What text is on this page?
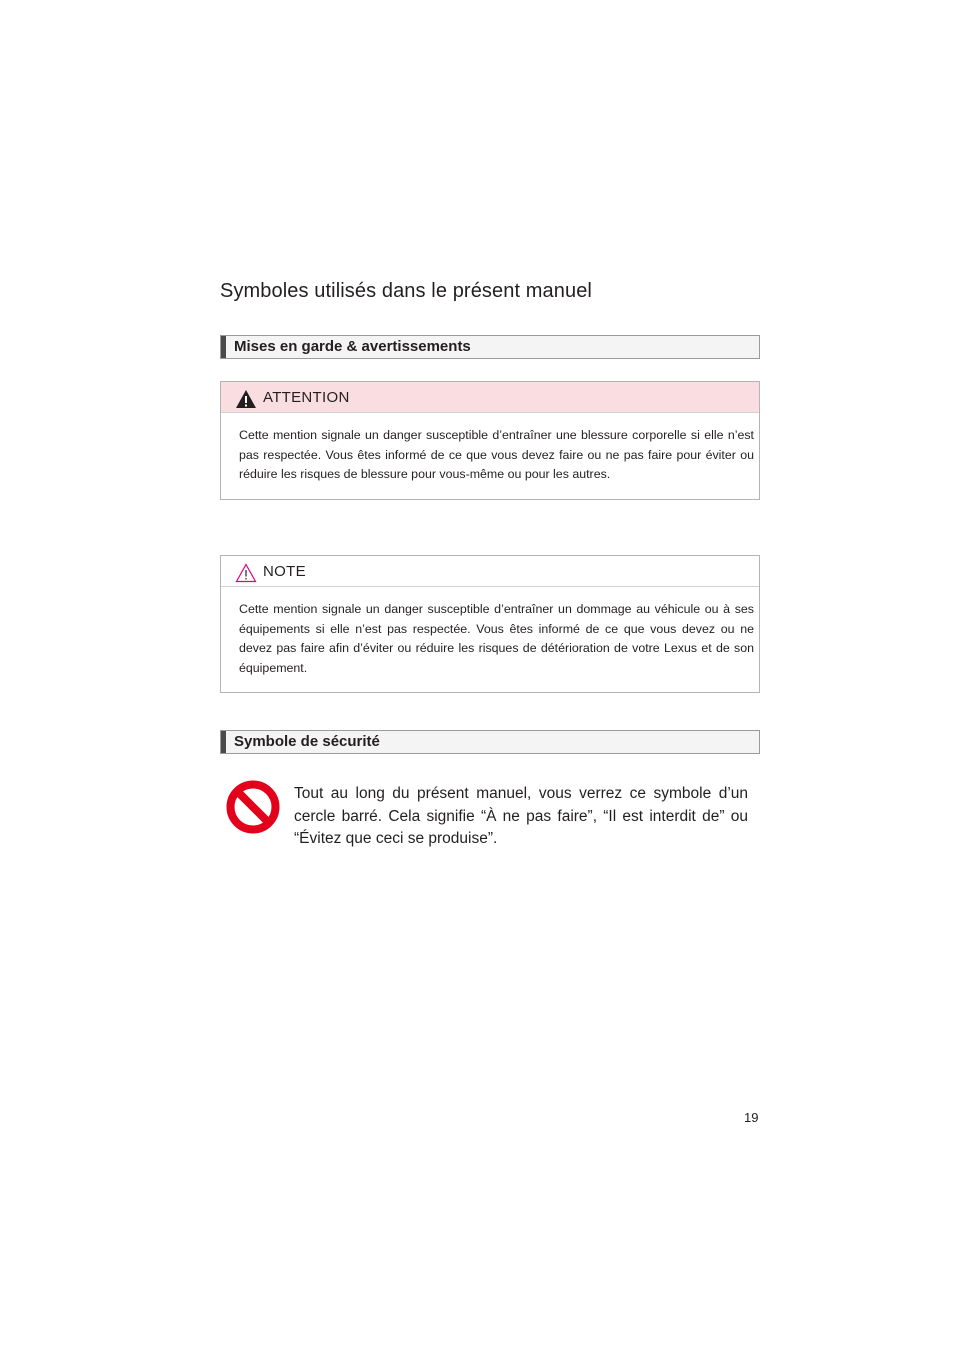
Symboles utilisés dans le présent manuel
Mises en garde & avertissements
ATTENTION
Cette mention signale un danger susceptible d’entraîner une blessure corporelle si elle n’est pas respectée. Vous êtes informé de ce que vous devez faire ou ne pas faire pour éviter ou réduire les risques de blessure pour vous-même ou pour les autres.
NOTE
Cette mention signale un danger susceptible d’entraîner un dommage au véhicule ou à ses équipements si elle n’est pas respectée. Vous êtes informé de ce que vous devez ou ne devez pas faire afin d’éviter ou réduire les risques de détérioration de votre Lexus et de son équipement.
Symbole de sécurité

Tout au long du présent manuel, vous verrez ce symbole d’un cercle barré. Cela signifie “À ne pas faire”, “Il est interdit de” ou “Évitez que ceci se produise”.

19
